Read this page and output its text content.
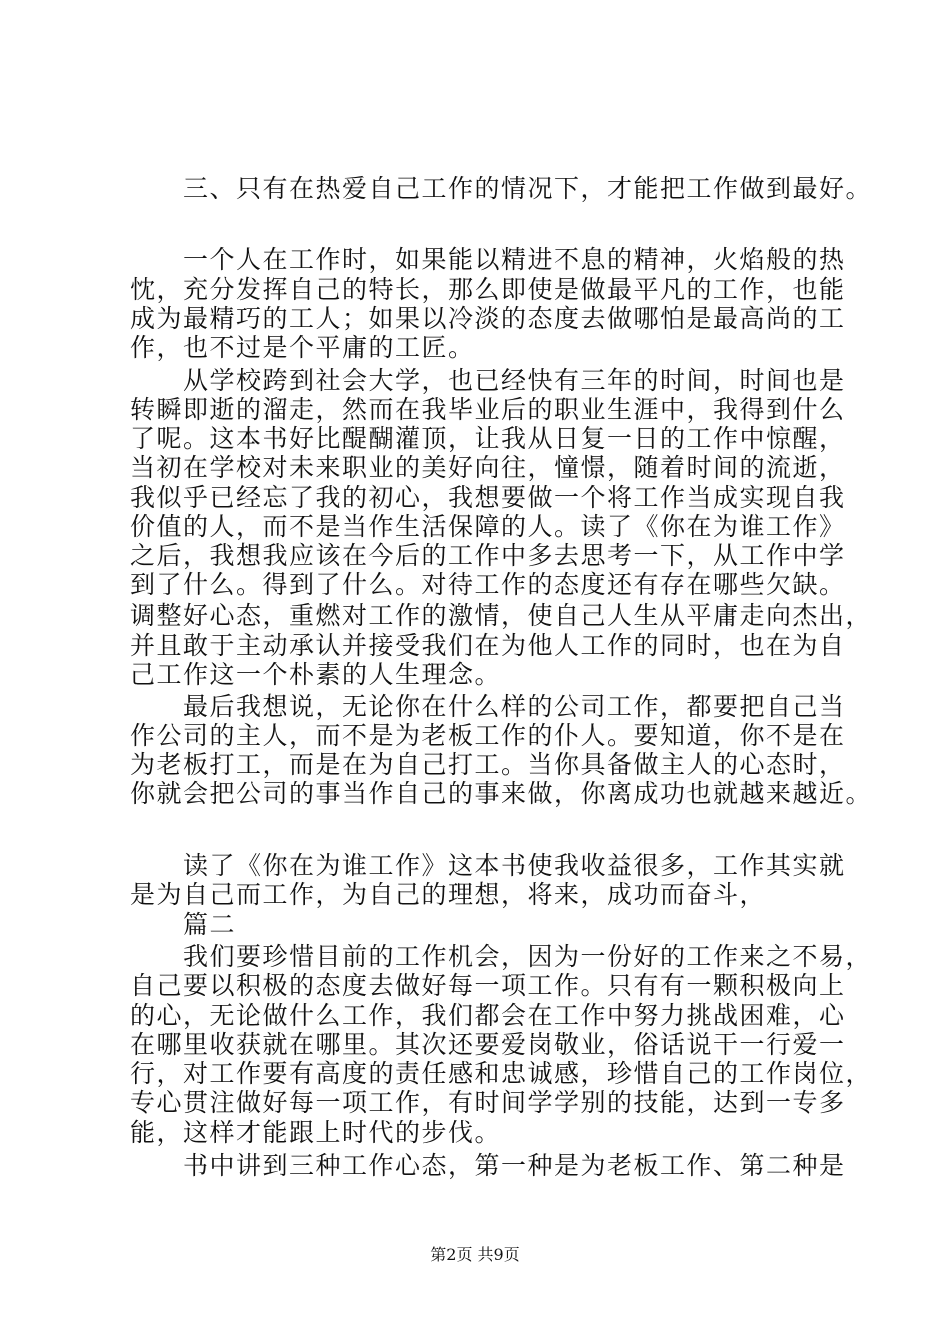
　　三、只有在热爱自己工作的情况下，才能把工作做到最好。
　　一个人在工作时，如果能以精进不息的精神，火焰般的热
忱，充分发挥自己的特长，那么即使是做最平凡的工作，也能
成为最精巧的工人；如果以冷淡的态度去做哪怕是最高尚的工
作，也不过是个平庸的工匠。
　　从学校跨到社会大学，也已经快有三年的时间，时间也是
转瞬即逝的溜走，然而在我毕业后的职业生涯中，我得到什么
了呢。这本书好比醍醐灌顶，让我从日复一日的工作中惊醒，
当初在学校对未来职业的美好向往，憧憬，随着时间的流逝，
我似乎已经忘了我的初心，我想要做一个将工作当成实现自我
价值的人，而不是当作生活保障的人。读了《你在为谁工作》
之后，我想我应该在今后的工作中多去思考一下，从工作中学
到了什么。得到了什么。对待工作的态度还有存在哪些欠缺。
调整好心态，重燃对工作的激情，使自己人生从平庸走向杰出，
并且敢于主动承认并接受我们在为他人工作的同时，也在为自
己工作这一个朴素的人生理念。
　　最后我想说，无论你在什么样的公司工作，都要把自己当
作公司的主人，而不是为老板工作的仆人。要知道，你不是在
为老板打工，而是在为自己打工。当你具备做主人的心态时，
你就会把公司的事当作自己的事来做，你离成功也就越来越近。
　　读了《你在为谁工作》这本书使我收益很多，工作其实就
是为自己而工作，为自己的理想，将来，成功而奋斗，
　　篇二
　　我们要珍惜目前的工作机会，因为一份好的工作来之不易，
自己要以积极的态度去做好每一项工作。只有有一颗积极向上
的心，无论做什么工作，我们都会在工作中努力挑战困难，心
在哪里收获就在哪里。其次还要爱岗敬业，俗话说干一行爱一
行，对工作要有高度的责任感和忠诚感，珍惜自己的工作岗位，
专心贯注做好每一项工作，有时间学学别的技能，达到一专多
能，这样才能跟上时代的步伐。
　　书中讲到三种工作心态，第一种是为老板工作、第二种是
第2页 共9页
